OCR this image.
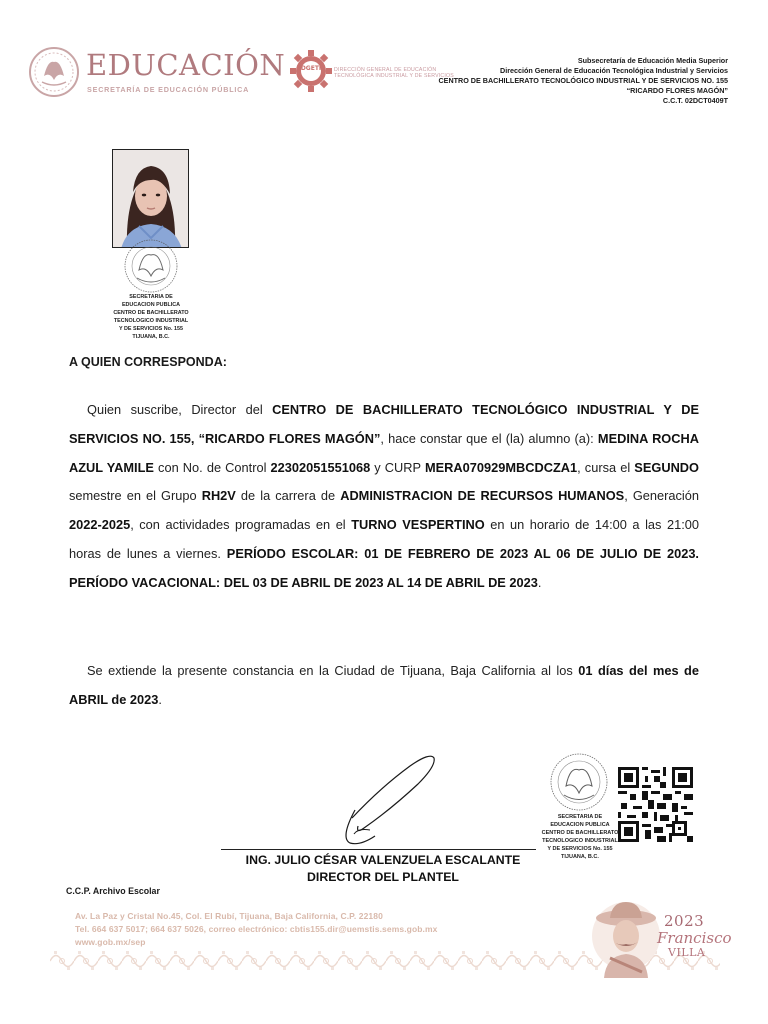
EDUCACIÓN
SECRETARÍA DE EDUCACIÓN PÚBLICA
DGETI DIRECCIÓN GENERAL DE EDUCACIÓN
TECNOLÓGICA INDUSTRIAL Y DE SERVICIOS
Subsecretaría de Educación Media Superior
Dirección General de Educación Tecnológica Industrial y Servicios
CENTRO DE BACHILLERATO TECNOLÓGICO INDUSTRIAL Y DE SERVICIOS NO. 155
“RICARDO FLORES MAGÓN”
C.C.T. 02DCT0409T
SECRETARIA DE
EDUCACION PUBLICA
CENTRO DE BACHILLERATO
TECNOLOGICO INDUSTRIAL
Y DE SERVICIOS No. 155
TIJUANA, B.C.
A QUIEN CORRESPONDA:
Quien suscribe, Director del CENTRO DE BACHILLERATO TECNOLÓGICO INDUSTRIAL Y DE SERVICIOS NO. 155, “RICARDO FLORES MAGÓN”, hace constar que el (la) alumno (a): MEDINA ROCHA AZUL YAMILE con No. de Control 22302051551068 y CURP MERA070929MBCDCZA1, cursa el SEGUNDO semestre en el Grupo RH2V de la carrera de ADMINISTRACION DE RECURSOS HUMANOS, Generación 2022-2025, con actividades programadas en el TURNO VESPERTINO en un horario de 14:00 a las 21:00 horas de lunes a viernes. PERÍODO ESCOLAR: 01 DE FEBRERO DE 2023 AL 06 DE JULIO DE 2023. PERÍODO VACACIONAL: DEL 03 DE ABRIL DE 2023 AL 14 DE ABRIL DE 2023.
Se extiende la presente constancia en la Ciudad de Tijuana, Baja California al los 01 días del mes de ABRIL de 2023.
ING. JULIO CÉSAR VALENZUELA ESCALANTE
DIRECTOR DEL PLANTEL
SECRETARIA DE
EDUCACION PUBLICA
CENTRO DE BACHILLERATO
TECNOLOGICO INDUSTRIAL
Y DE SERVICIOS No. 155
TIJUANA, B.C.
C.C.P. Archivo Escolar
Av. La Paz y Cristal No.45, Col. El Rubí, Tijuana, Baja California, C.P. 22180
Tel. 664 637 5017; 664 637 5026, correo electrónico: cbtis155.dir@uemstis.sems.gob.mx
www.gob.mx/sep
2023
Francisco
VILLA
